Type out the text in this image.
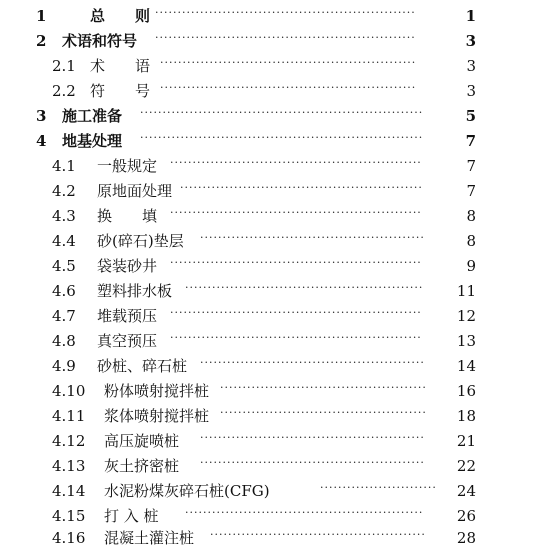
1	总　　则 ··························································	1
2 术语和符号 ··························································	3
2.1 术　　语 ·························································	3
2.2 符　　号 ·························································	3
3 施工准备 ·······························································	5
4 地基处理 ·······························································	7
4.1 一般规定 ························································	7
4.2 原地面处理 ······················································	7
4.3 换　　填 ························································	8
4.4 砂(碎石)垫层 ··················································	8
4.5 袋装砂井 ························································	9
4.6 塑料排水板 ·····················································	11
4.7 堆载预压 ························································	12
4.8 真空预压 ························································	13
4.9 砂桩、碎石桩 ··················································	14
4.10 粉体喷射搅拌桩 ··············································	16
4.11 浆体喷射搅拌桩 ··············································	18
4.12 高压旋喷桩 ··················································	21
4.13 灰土挤密桩 ··················································	22
4.14 水泥粉煤灰碎石桩(CFG)	··························	24
4.15 打 入 桩 ·····················································	26
4.16 混凝土灌注桩 ················································	28
